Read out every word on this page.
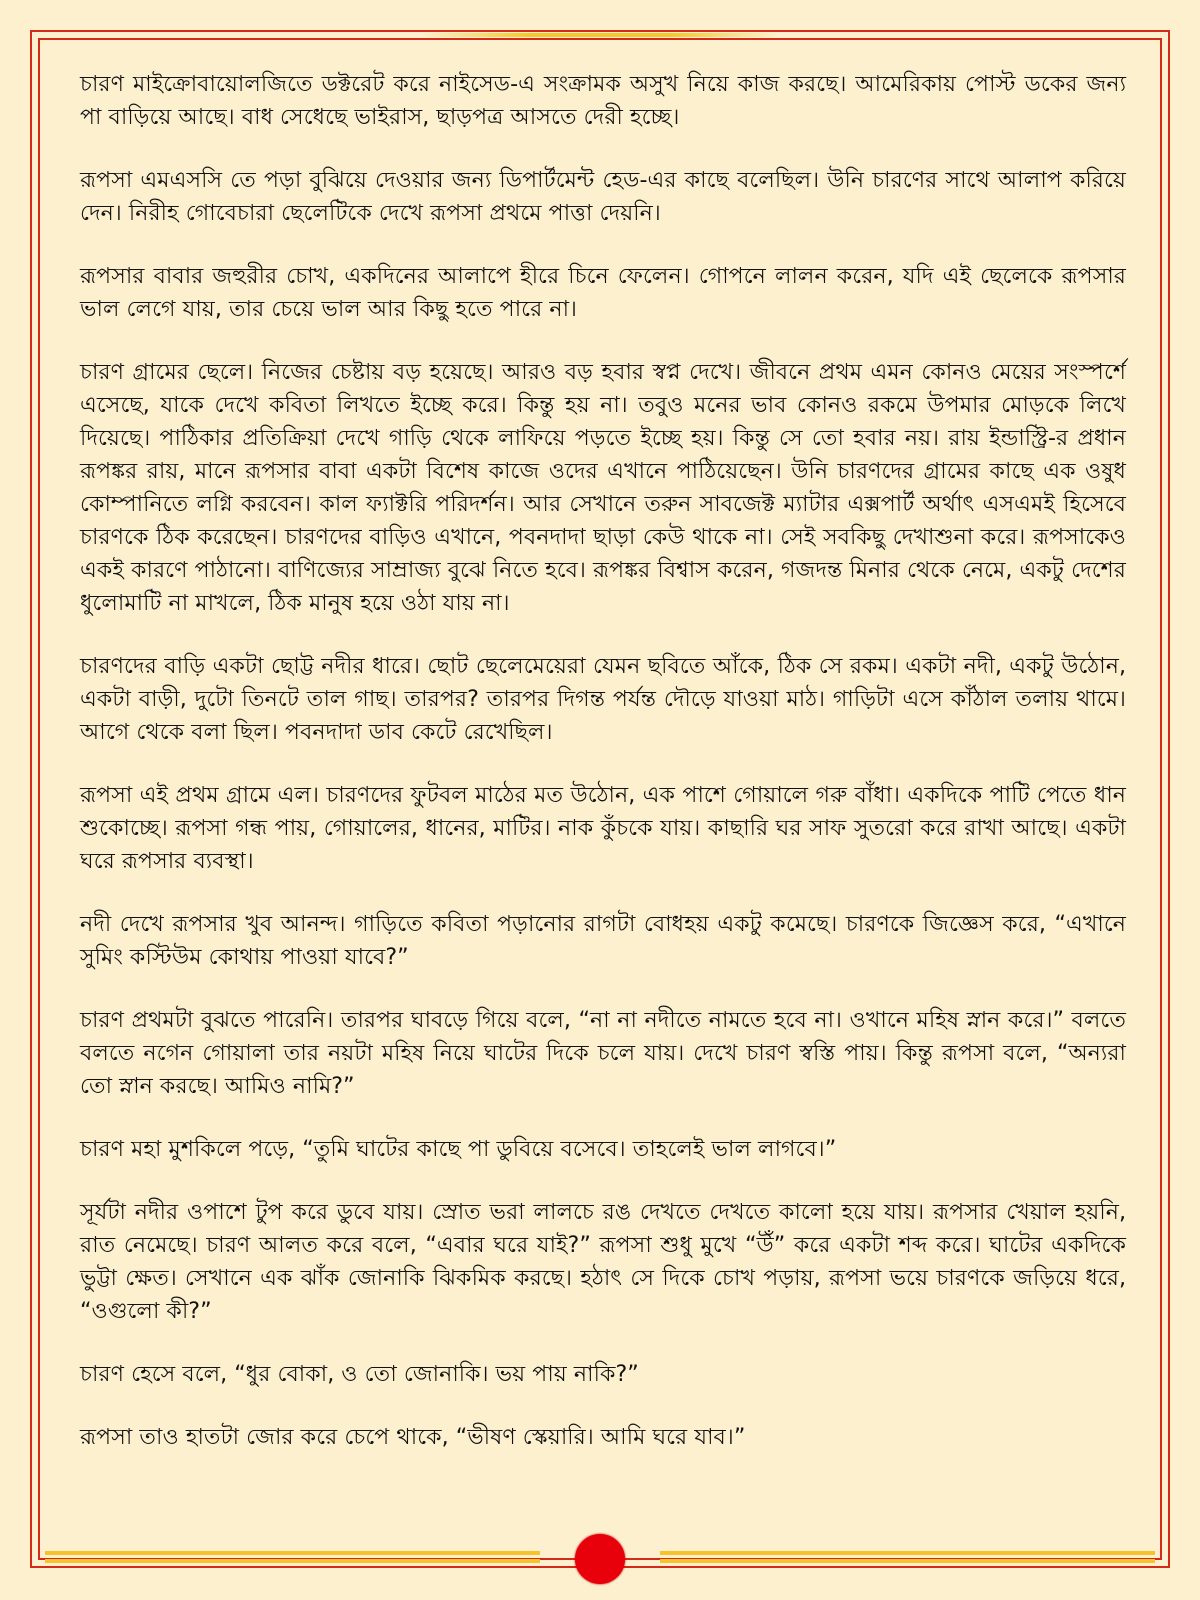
চারণ মাইক্রোবায়োলজিতে ডক্টরেট করে নাইসেড-এ সংক্রামক অসুখ নিয়ে কাজ করছে। আমেরিকায় পোস্ট ডকের জন্য পা বাড়িয়ে আছে। বাধ সেধেছে ভাইরাস, ছাড়পত্র আসতে দেরী হচ্ছে।

রূপসা এমএসসি তে পড়া বুঝিয়ে দেওয়ার জন্য ডিপার্টমেন্ট হেড-এর কাছে বলেছিল। উনি চারণের সাথে আলাপ করিয়ে দেন। নিরীহ গোবেচারা ছেলেটিকে দেখে রূপসা প্রথমে পাত্তা দেয়নি।

রূপসার বাবার জহুরীর চোখ, একদিনের আলাপে হীরে চিনে ফেলেন। গোপনে লালন করেন, যদি এই ছেলেকে রূপসার ভাল লেগে যায়, তার চেয়ে ভাল আর কিছু হতে পারে না।

চারণ গ্রামের ছেলে। নিজের চেষ্টায় বড় হয়েছে। আরও বড় হবার স্বপ্ন দেখে। জীবনে প্রথম এমন কোনও মেয়ের সংস্পর্শে এসেছে, যাকে দেখে কবিতা লিখতে ইচ্ছে করে। কিন্তু হয় না। তবুও মনের ভাব কোনও রকমে উপমার মোড়কে লিখে দিয়েছে। পাঠিকার প্রতিক্রিয়া দেখে গাড়ি থেকে লাফিয়ে পড়তে ইচ্ছে হয়। কিন্তু সে তো হবার নয়। রায় ইন্ডাস্ট্রি-র প্রধান রূপঙ্কর রায়, মানে রূপসার বাবা একটা বিশেষ কাজে ওদের এখানে পাঠিয়েছেন। উনি চারণদের গ্রামের কাছে এক ওষুধ কোম্পানিতে লগ্নি করবেন। কাল ফ্যাক্টরি পরিদর্শন। আর সেখানে তরুন সাবজেক্ট ম্যাটার এক্সপার্ট অর্থাৎ এসএমই হিসেবে চারণকে ঠিক করেছেন। চারণদের বাড়িও এখানে, পবনদাদা ছাড়া কেউ থাকে না। সেই সবকিছু দেখাশুনা করে। রূপসাকেও একই কারণে পাঠানো। বাণিজ্যের সাম্রাজ্য বুঝে নিতে হবে। রূপঙ্কর বিশ্বাস করেন, গজদন্ত মিনার থেকে নেমে, একটু দেশের ধুলোমাটি না মাখলে, ঠিক মানুষ হয়ে ওঠা যায় না।

চারণদের বাড়ি একটা ছোট্ট নদীর ধারে। ছোট ছেলেমেয়েরা যেমন ছবিতে আঁকে, ঠিক সে রকম। একটা নদী, একটু উঠোন, একটা বাড়ী, দুটো তিনটে তাল গাছ। তারপর? তারপর দিগন্ত পর্যন্ত দৌড়ে যাওয়া মাঠ। গাড়িটা এসে কাঁঠাল তলায় থামে। আগে থেকে বলা ছিল। পবনদাদা ডাব কেটে রেখেছিল।

রূপসা এই প্রথম গ্রামে এল। চারণদের ফুটবল মাঠের মত উঠোন, এক পাশে গোয়ালে গরু বাঁধা। একদিকে পাটি পেতে ধান শুকোচ্ছে। রূপসা গন্ধ পায়, গোয়ালের, ধানের, মাটির। নাক কুঁচকে যায়। কাছারি ঘর সাফ সুতরো করে রাখা আছে। একটা ঘরে রূপসার ব্যবস্থা।

নদী দেখে রূপসার খুব আনন্দ। গাড়িতে কবিতা পড়ানোর রাগটা বোধহয় একটু কমেছে। চারণকে জিজ্ঞেস করে, “এখানে সুমিং কস্টিউম কোথায় পাওয়া যাবে?”

চারণ প্রথমটা বুঝতে পারেনি। তারপর ঘাবড়ে গিয়ে বলে, “না না নদীতে নামতে হবে না। ওখানে মহিষ স্নান করে।” বলতে বলতে নগেন গোয়ালা তার নয়টা মহিষ নিয়ে ঘাটের দিকে চলে যায়। দেখে চারণ স্বস্তি পায়। কিন্তু রূপসা বলে, “অন্যরা তো স্নান করছে। আমিও নামি?”

চারণ মহা মুশকিলে পড়ে, “তুমি ঘাটের কাছে পা ডুবিয়ে বসেবে। তাহলেই ভাল লাগবে।”

সূর্যটা নদীর ওপাশে টুপ করে ডুবে যায়। স্রোত ভরা লালচে রঙ দেখতে দেখতে কালো হয়ে যায়। রূপসার খেয়াল হয়নি, রাত নেমেছে। চারণ আলত করে বলে, “এবার ঘরে যাই?” রূপসা শুধু মুখে “উঁ” করে একটা শব্দ করে। ঘাটের একদিকে ভুট্টা ক্ষেত। সেখানে এক ঝাঁক জোনাকি ঝিকমিক করছে। হঠাৎ সে দিকে চোখ পড়ায়, রূপসা ভয়ে চারণকে জড়িয়ে ধরে, “ওগুলো কী?”

চারণ হেসে বলে, “ধুর বোকা, ও তো জোনাকি। ভয় পায় নাকি?”

রূপসা তাও হাতটা জোর করে চেপে থাকে, “ভীষণ স্কেয়ারি। আমি ঘরে যাব।”
